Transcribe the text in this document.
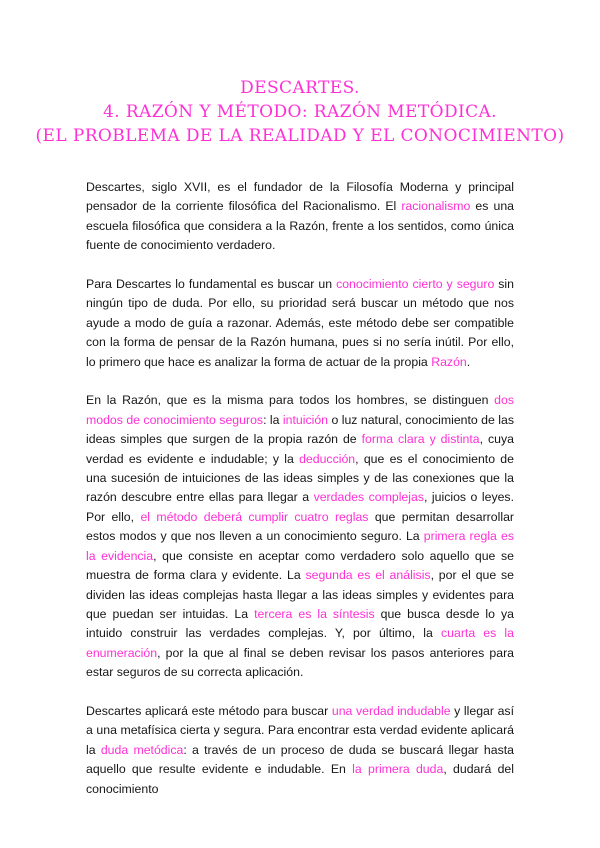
DESCARTES.
4. RAZÓN Y MÉTODO: RAZÓN METÓDICA.
(EL PROBLEMA DE LA REALIDAD Y EL CONOCIMIENTO)

Descartes, siglo XVII, es el fundador de la Filosofía Moderna y principal pensador de la corriente filosófica del Racionalismo. El racionalismo es una escuela filosófica que considera a la Razón, frente a los sentidos, como única fuente de conocimiento verdadero.

Para Descartes lo fundamental es buscar un conocimiento cierto y seguro sin ningún tipo de duda. Por ello, su prioridad será buscar un método que nos ayude a modo de guía a razonar. Además, este método debe ser compatible con la forma de pensar de la Razón humana, pues si no sería inútil. Por ello, lo primero que hace es analizar la forma de actuar de la propia Razón.

En la Razón, que es la misma para todos los hombres, se distinguen dos modos de conocimiento seguros: la intuición o luz natural, conocimiento de las ideas simples que surgen de la propia razón de forma clara y distinta, cuya verdad es evidente e indudable; y la deducción, que es el conocimiento de una sucesión de intuiciones de las ideas simples y de las conexiones que la razón descubre entre ellas para llegar a verdades complejas, juicios o leyes. Por ello, el método deberá cumplir cuatro reglas que permitan desarrollar estos modos y que nos lleven a un conocimiento seguro. La primera regla es la evidencia, que consiste en aceptar como verdadero solo aquello que se muestra de forma clara y evidente. La segunda es el análisis, por el que se dividen las ideas complejas hasta llegar a las ideas simples y evidentes para que puedan ser intuidas. La tercera es la síntesis que busca desde lo ya intuido construir las verdades complejas. Y, por último, la cuarta es la enumeración, por la que al final se deben revisar los pasos anteriores para estar seguros de su correcta aplicación.

Descartes aplicará este método para buscar una verdad indudable y llegar así a una metafísica cierta y segura. Para encontrar esta verdad evidente aplicará la duda metódica: a través de un proceso de duda se buscará llegar hasta aquello que resulte evidente e indudable. En la primera duda, dudará del conocimiento
